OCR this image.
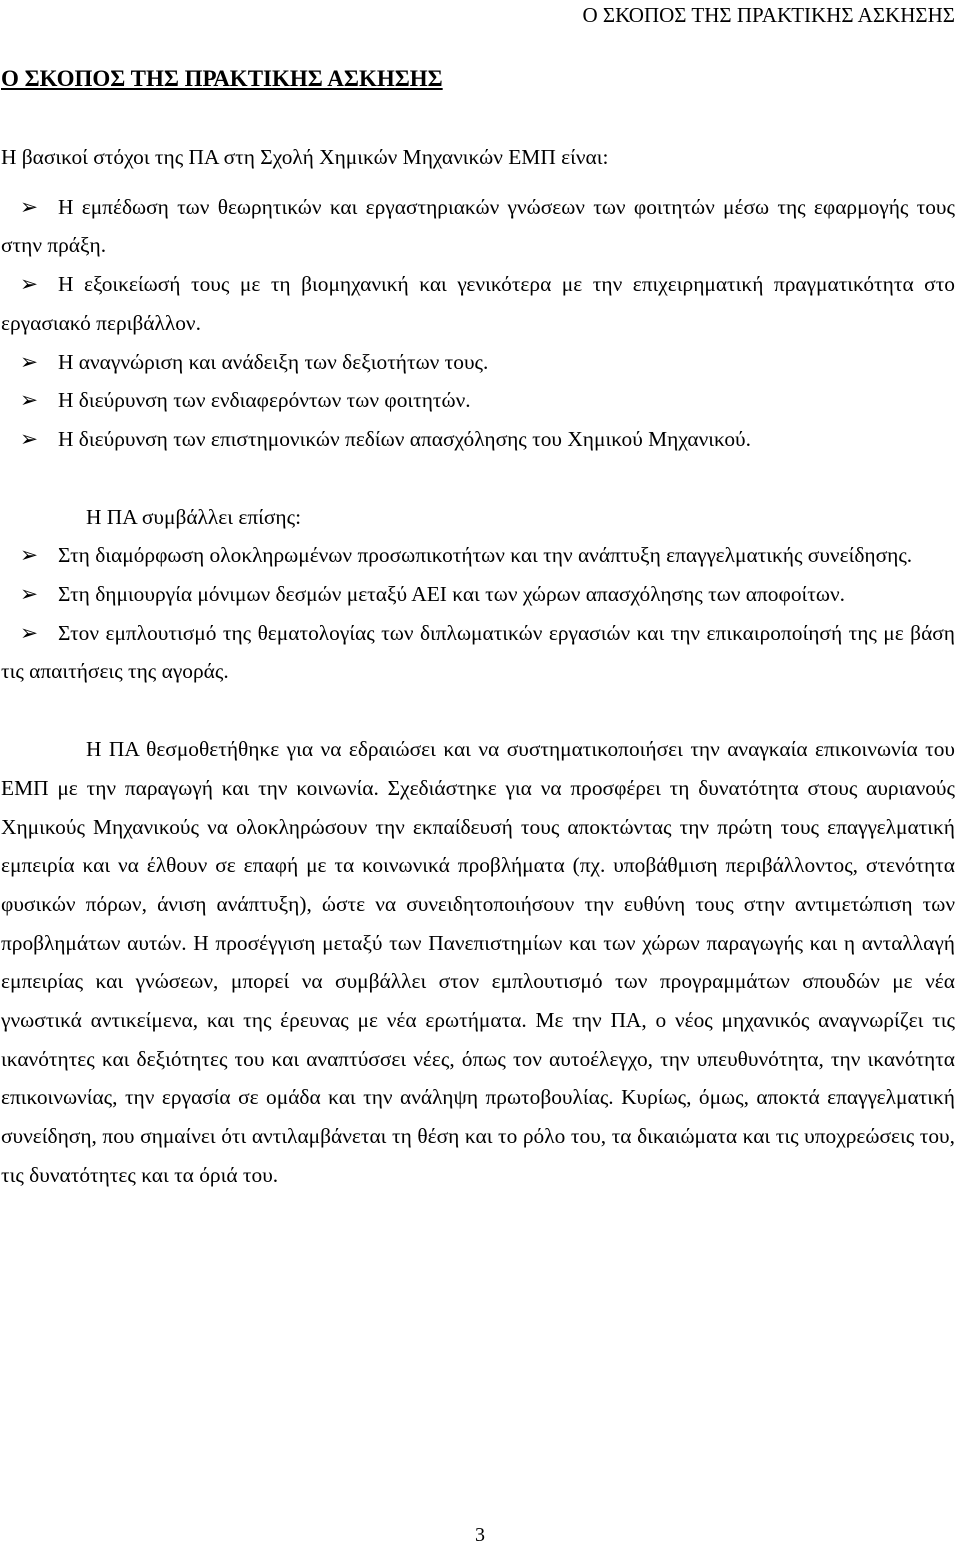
Ο ΣΚΟΠΟΣ ΤΗΣ ΠΡΑΚΤΙΚΗΣ ΑΣΚΗΣΗΣ
Ο ΣΚΟΠΟΣ ΤΗΣ ΠΡΑΚΤΙΚΗΣ ΑΣΚΗΣΗΣ

Η βασικοί στόχοι της ΠΑ στη Σχολή Χημικών Μηχανικών ΕΜΠ είναι:

➢ Η εμπέδωση των θεωρητικών και εργαστηριακών γνώσεων των φοιτητών μέσω της εφαρμογής τους στην πράξη.
➢ Η εξοικείωσή τους με τη βιομηχανική και γενικότερα με την επιχειρηματική πραγματικότητα στο εργασιακό περιβάλλον.
➢ Η αναγνώριση και ανάδειξη των δεξιοτήτων τους.
➢ Η διεύρυνση των ενδιαφερόντων των φοιτητών.
➢ Η διεύρυνση των επιστημονικών πεδίων απασχόλησης του Χημικού Μηχανικού.

Η ΠΑ συμβάλλει επίσης:

➢ Στη διαμόρφωση ολοκληρωμένων προσωπικοτήτων και την ανάπτυξη επαγγελματικής συνείδησης.
➢ Στη δημιουργία μόνιμων δεσμών μεταξύ ΑΕΙ και των χώρων απασχόλησης των αποφοίτων.
➢ Στον εμπλουτισμό της θεματολογίας των διπλωματικών εργασιών και την επικαιροποίησή της με βάση τις απαιτήσεις της αγοράς.

Η ΠΑ θεσμοθετήθηκε για να εδραιώσει και να συστηματικοποιήσει την αναγκαία επικοινωνία του ΕΜΠ με την παραγωγή και την κοινωνία. Σχεδιάστηκε για να προσφέρει τη δυνατότητα στους αυριανούς Χημικούς Μηχανικούς να ολοκληρώσουν την εκπαίδευσή τους αποκτώντας την πρώτη τους επαγγελματική εμπειρία και να έλθουν σε επαφή με τα κοινωνικά προβλήματα (πχ. υποβάθμιση περιβάλλοντος, στενότητα φυσικών πόρων, άνιση ανάπτυξη), ώστε να συνειδητοποιήσουν την ευθύνη τους στην αντιμετώπιση των προβλημάτων αυτών. Η προσέγγιση μεταξύ των Πανεπιστημίων και των χώρων παραγωγής και η ανταλλαγή εμπειρίας και γνώσεων, μπορεί να συμβάλλει στον εμπλουτισμό των προγραμμάτων σπουδών με νέα γνωστικά αντικείμενα, και της έρευνας με νέα ερωτήματα. Με την ΠΑ, ο νέος μηχανικός αναγνωρίζει τις ικανότητες και δεξιότητες του και αναπτύσσει νέες, όπως τον αυτοέλεγχο, την υπευθυνότητα, την ικανότητα επικοινωνίας, την εργασία σε ομάδα και την ανάληψη πρωτοβουλίας. Κυρίως, όμως, αποκτά επαγγελματική συνείδηση, που σημαίνει ότι αντιλαμβάνεται τη θέση και το ρόλο του, τα δικαιώματα και τις υποχρεώσεις του, τις δυνατότητες και τα όριά του.

3
